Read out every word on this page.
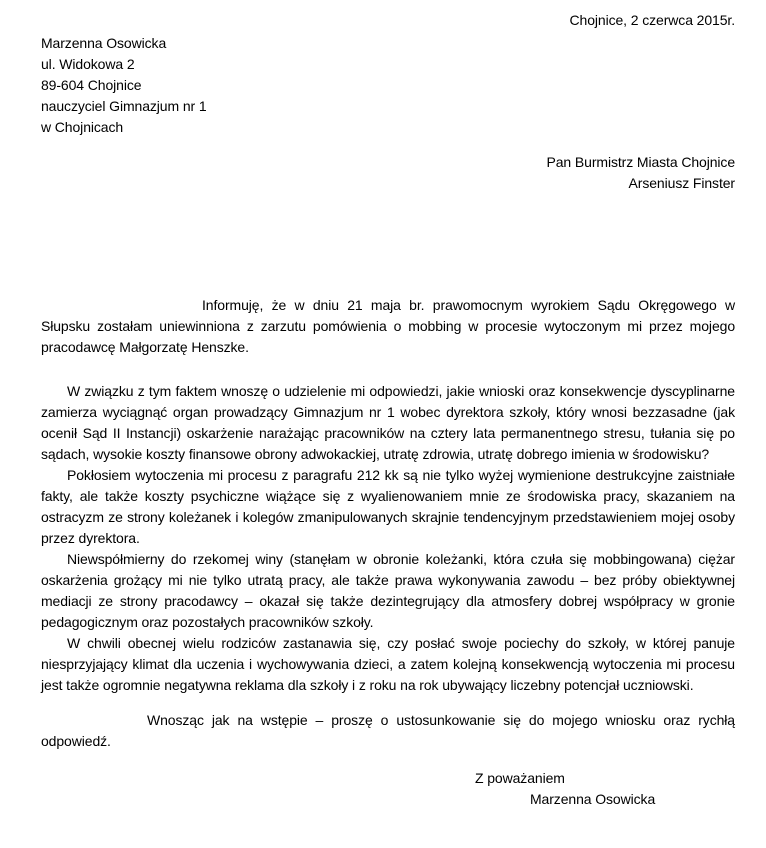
Chojnice, 2 czerwca 2015r.
Marzenna Osowicka
ul. Widokowa 2
89-604 Chojnice
nauczyciel Gimnazjum nr 1
w Chojnicach
Pan Burmistrz Miasta Chojnice
Arseniusz Finster

Informuję, że w dniu 21 maja br. prawomocnym wyrokiem Sądu Okręgowego w Słupsku zostałam uniewinniona z zarzutu pomówienia o mobbing w procesie wytoczonym mi przez mojego pracodawcę Małgorzatę Henszke.

W związku z tym faktem wnoszę o udzielenie mi odpowiedzi, jakie wnioski oraz konsekwencje dyscyplinarne zamierza wyciągnąć organ prowadzący Gimnazjum nr 1 wobec dyrektora szkoły, który wnosi bezzasadne (jak ocenił Sąd II Instancji) oskarżenie narażając pracowników na cztery lata permanentnego stresu, tułania się po sądach, wysokie koszty finansowe obrony adwokackiej, utratę zdrowia, utratę dobrego imienia w środowisku?

Pokłosiem wytoczenia mi procesu z paragrafu 212 kk są nie tylko wyżej wymienione destrukcyjne zaistniałe fakty, ale także koszty psychiczne wiążące się z wyalienowaniem mnie ze środowiska pracy, skazaniem na ostracyzm ze strony koleżanek i kolegów zmanipulowanych skrajnie tendencyjnym przedstawieniem mojej osoby przez dyrektora.

Niewspółmierny do rzekomej winy (stanęłam w obronie koleżanki, która czuła się mobbingowana) ciężar oskarżenia grożący mi nie tylko utratą pracy, ale także prawa wykonywania zawodu – bez próby obiektywnej mediacji ze strony pracodawcy – okazał się także dezintegrujący dla atmosfery dobrej współpracy w gronie pedagogicznym oraz pozostałych pracowników szkoły.

W chwili obecnej wielu rodziców zastanawia się, czy posłać swoje pociechy do szkoły, w której panuje niesprzyjający klimat dla uczenia i wychowywania dzieci, a zatem kolejną konsekwencją wytoczenia mi procesu jest także ogromnie negatywna reklama dla szkoły i z roku na rok ubywający liczebny potencjał uczniowski.

Wnosząc jak na wstępie – proszę o ustosunkowanie się do mojego wniosku oraz rychłą odpowiedź.

Z poważaniem
Marzenna Osowicka
